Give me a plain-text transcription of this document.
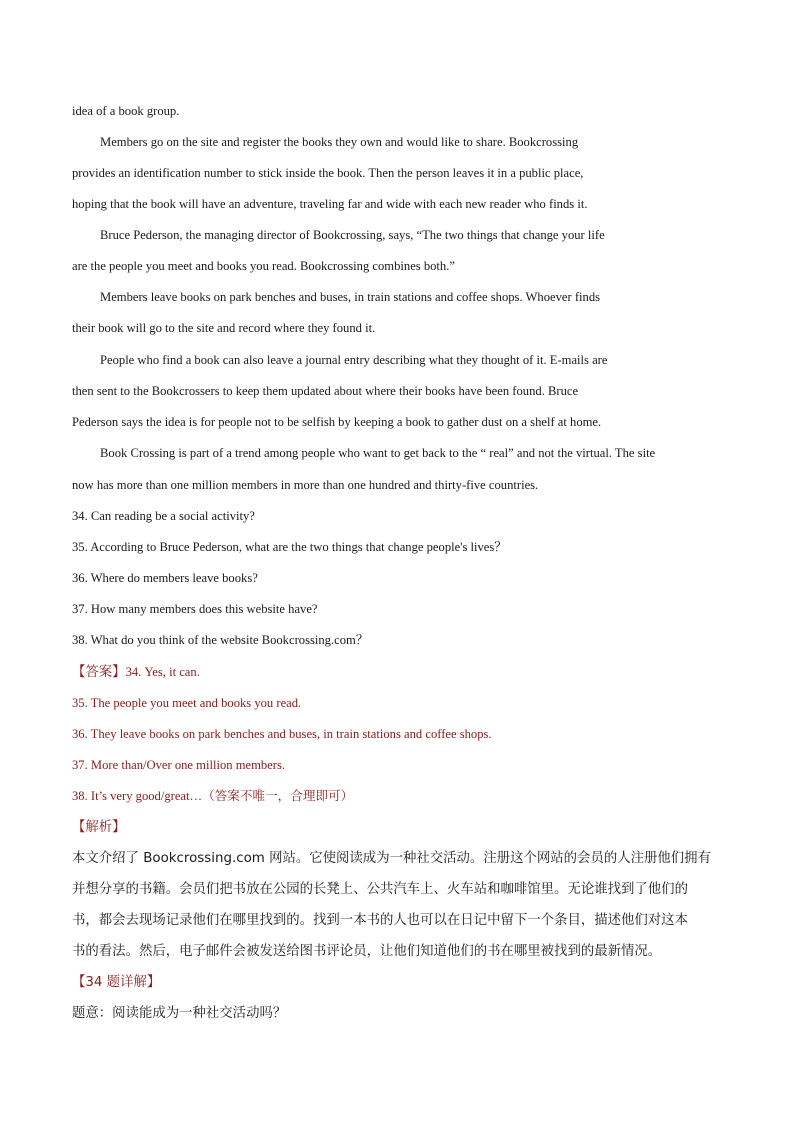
idea of a book group.
Members go on the site and register the books they own and would like to share. Bookcrossing
provides an identification number to stick inside the book. Then the person leaves it in a public place,
hoping that the book will have an adventure, traveling far and wide with each new reader who finds it.
Bruce Pederson, the managing director of Bookcrossing, says, “The two things that change your life
are the people you meet and books you read. Bookcrossing combines both.”
Members leave books on park benches and buses, in train stations and coffee shops. Whoever finds
their book will go to the site and record where they found it.
People who find a book can also leave a journal entry describing what they thought of it. E-mails are
then sent to the Bookcrossers to keep them updated about where their books have been found. Bruce
Pederson says the idea is for people not to be selfish by keeping a book to gather dust on a shelf at home.
Book Crossing is part of a trend among people who want to get back to the “ real” and not the virtual. The site
now has more than one million members in more than one hundred and thirty-five countries.
34. Can reading be a social activity?
35. According to Bruce Pederson, what are the two things that change people's lives？
36. Where do members leave books?
37. How many members does this website have?
38. What do you think of the website Bookcrossing.com？
【答案】34. Yes, it can.
35. The people you meet and books you read.
36. They leave books on park benches and buses, in train stations and coffee shops.
37. More than/Over one million members.
38. It’s very good/great…（答案不唯一，合理即可）
【解析】
本文介绍了 Bookcrossing.com 网站。它使阅读成为一种社交活动。注册这个网站的会员的人注册他们拥有
并想分享的书籍。会员们把书放在公园的长凳上、公共汽车上、火车站和咖啡馆里。无论谁找到了他们的
书，都会去现场记录他们在哪里找到的。找到一本书的人也可以在日记中留下一个条目，描述他们对这本
书的看法。然后，电子邮件会被发送给图书评论员，让他们知道他们的书在哪里被找到的最新情况。
【34 题详解】
题意：阅读能成为一种社交活动吗？
